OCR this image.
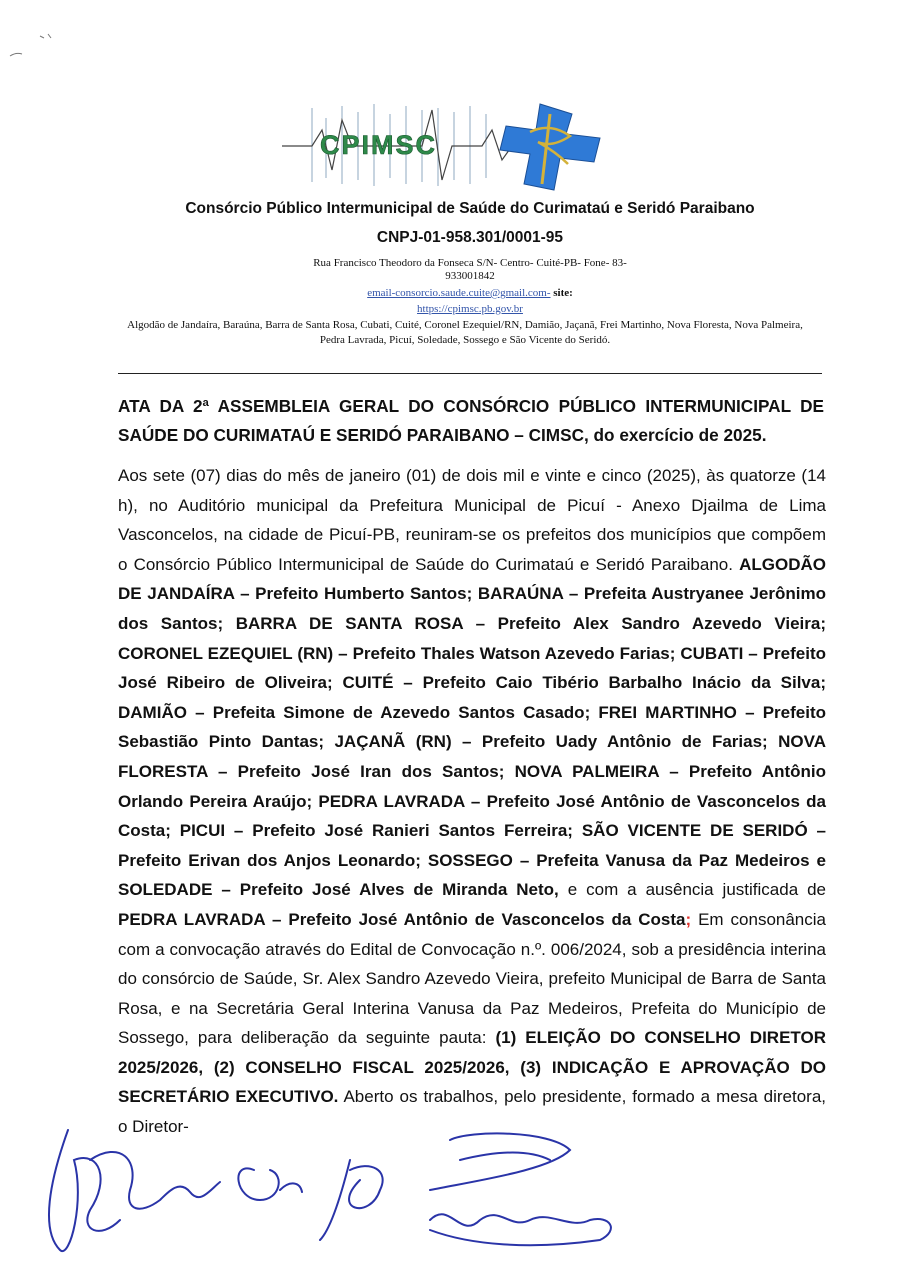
CPIMSC
Consórcio Público Intermunicipal de Saúde do Curimataú e Seridó Paraibano
CNPJ-01-958.301/0001-95
Rua Francisco Theodoro da Fonseca S/N- Centro- Cuité-PB- Fone- 83-
933001842
email-consorcio.saude.cuite@gmail.com- site:
https://cpimsc.pb.gov.br
Algodão de Jandaíra, Baraúna, Barra de Santa Rosa, Cubati, Cuité, Coronel Ezequiel/RN, Damião, Jaçanã, Frei Martinho, Nova Floresta, Nova Palmeira, Pedra Lavrada, Picuí, Soledade, Sossego e São Vicente do Seridó.
ATA DA 2ª ASSEMBLEIA GERAL DO CONSÓRCIO PÚBLICO INTERMUNICIPAL DE SAÚDE DO CURIMATAÚ E SERIDÓ PARAIBANO – CIMSC, do exercício de 2025.
Aos sete (07) dias do mês de janeiro (01) de dois mil e vinte e cinco (2025), às quatorze (14 h), no Auditório municipal da Prefeitura Municipal de Picuí - Anexo Djailma de Lima Vasconcelos, na cidade de Picuí-PB, reuniram-se os prefeitos dos municípios que compõem o Consórcio Público Intermunicipal de Saúde do Curimataú e Seridó Paraibano. ALGODÃO DE JANDAÍRA – Prefeito Humberto Santos; BARAÚNA – Prefeita Austryanee Jerônimo dos Santos; BARRA DE SANTA ROSA – Prefeito Alex Sandro Azevedo Vieira; CORONEL EZEQUIEL (RN) – Prefeito Thales Watson Azevedo Farias; CUBATI – Prefeito José Ribeiro de Oliveira; CUITÉ – Prefeito Caio Tibério Barbalho Inácio da Silva; DAMIÃO – Prefeita Simone de Azevedo Santos Casado; FREI MARTINHO – Prefeito Sebastião Pinto Dantas; JAÇANÃ (RN) – Prefeito Uady Antônio de Farias; NOVA FLORESTA – Prefeito José Iran dos Santos; NOVA PALMEIRA – Prefeito Antônio Orlando Pereira Araújo; PEDRA LAVRADA – Prefeito José Antônio de Vasconcelos da Costa; PICUI – Prefeito José Ranieri Santos Ferreira; SÃO VICENTE DE SERIDÓ – Prefeito Erivan dos Anjos Leonardo; SOSSEGO – Prefeita Vanusa da Paz Medeiros e SOLEDADE – Prefeito José Alves de Miranda Neto, e com a ausência justificada de PEDRA LAVRADA – Prefeito José Antônio de Vasconcelos da Costa; Em consonância com a convocação através do Edital de Convocação n.º. 006/2024, sob a presidência interina do consórcio de Saúde, Sr. Alex Sandro Azevedo Vieira, prefeito Municipal de Barra de Santa Rosa, e na Secretária Geral Interina Vanusa da Paz Medeiros, Prefeita do Município de Sossego, para deliberação da seguinte pauta: (1) ELEIÇÃO DO CONSELHO DIRETOR 2025/2026, (2) CONSELHO FISCAL 2025/2026, (3) INDICAÇÃO E APROVAÇÃO DO SECRETÁRIO EXECUTIVO. Aberto os trabalhos, pelo presidente, formado a mesa diretora, o Diretor-
